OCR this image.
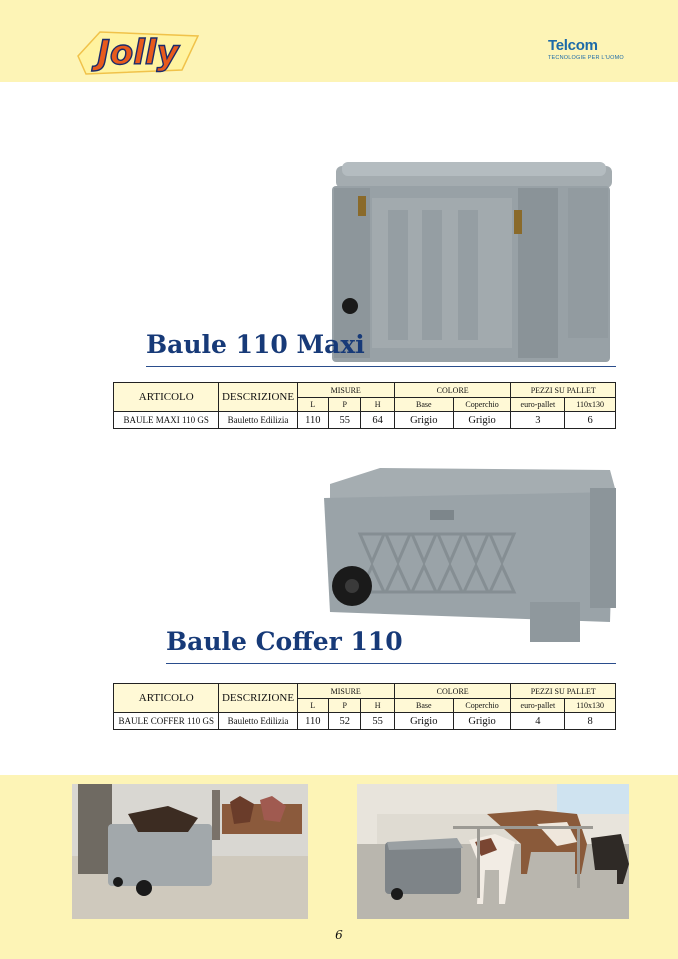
Jolly	Telcom
TECNOLOGIE PER L'UOMO
Baule 110 Maxi
ARTICOLO	DESCRIZIONE	MISURE			COLORE		PEZZI SU PALLET	
		L	P	H	Base	Coperchio	euro-pallet	110x130
BAULE MAXI 110 GS	Bauletto Edilizia	110	55	64	Grigio	Grigio	3	6
Baule Coffer 110
ARTICOLO	DESCRIZIONE	MISURE			COLORE		PEZZI SU PALLET	
		L	P	H	Base	Coperchio	euro-pallet	110x130
BAULE COFFER 110 GS	Bauletto Edilizia	110	52	55	Grigio	Grigio	4	8
6
